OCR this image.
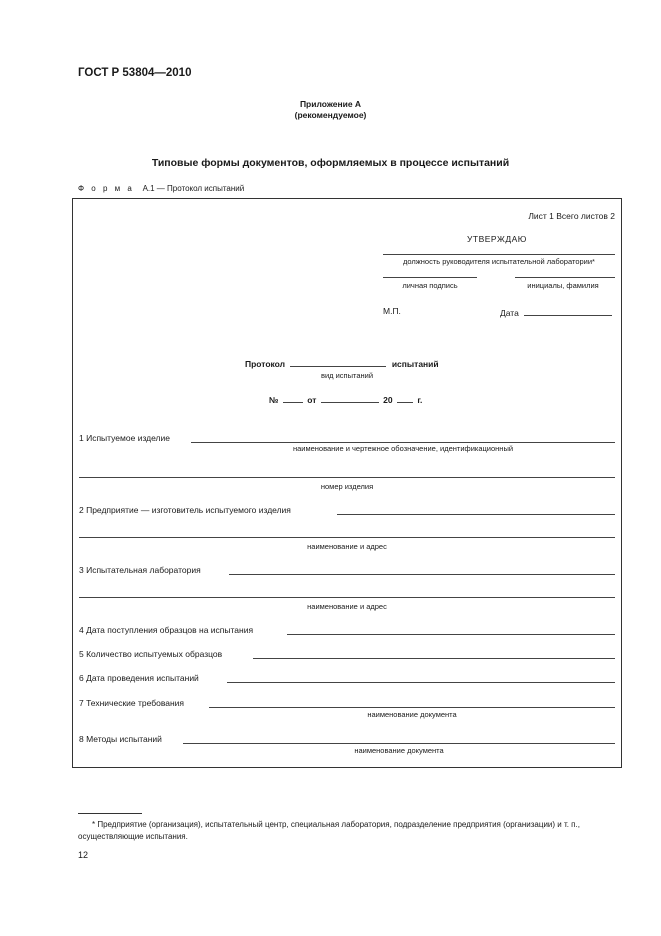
ГОСТ Р 53804—2010
Приложение А
(рекомендуемое)
Типовые формы документов, оформляемых в процессе испытаний
Ф о р м а А.1 — Протокол испытаний
Лист 1 Всего листов 2
УТВЕРЖДАЮ
должность руководителя испытательной лаборатории*
личная подпись	инициалы, фамилия
М.П.	Дата
Протокол	испытаний
вид испытаний
№	от	20	г.
1 Испытуемое изделие
наименование и чертежное обозначение, идентификационный
номер изделия
2 Предприятие — изготовитель испытуемого изделия
наименование и адрес
3 Испытательная лаборатория
наименование и адрес
4 Дата поступления образцов на испытания
5 Количество испытуемых образцов
6 Дата проведения испытаний
7 Технические требования
наименование документа
8 Методы испытаний
наименование документа
* Предприятие (организация), испытательный центр, специальная лаборатория, подразделение предприятия (организации) и т. п., осуществляющие испытания.
12
